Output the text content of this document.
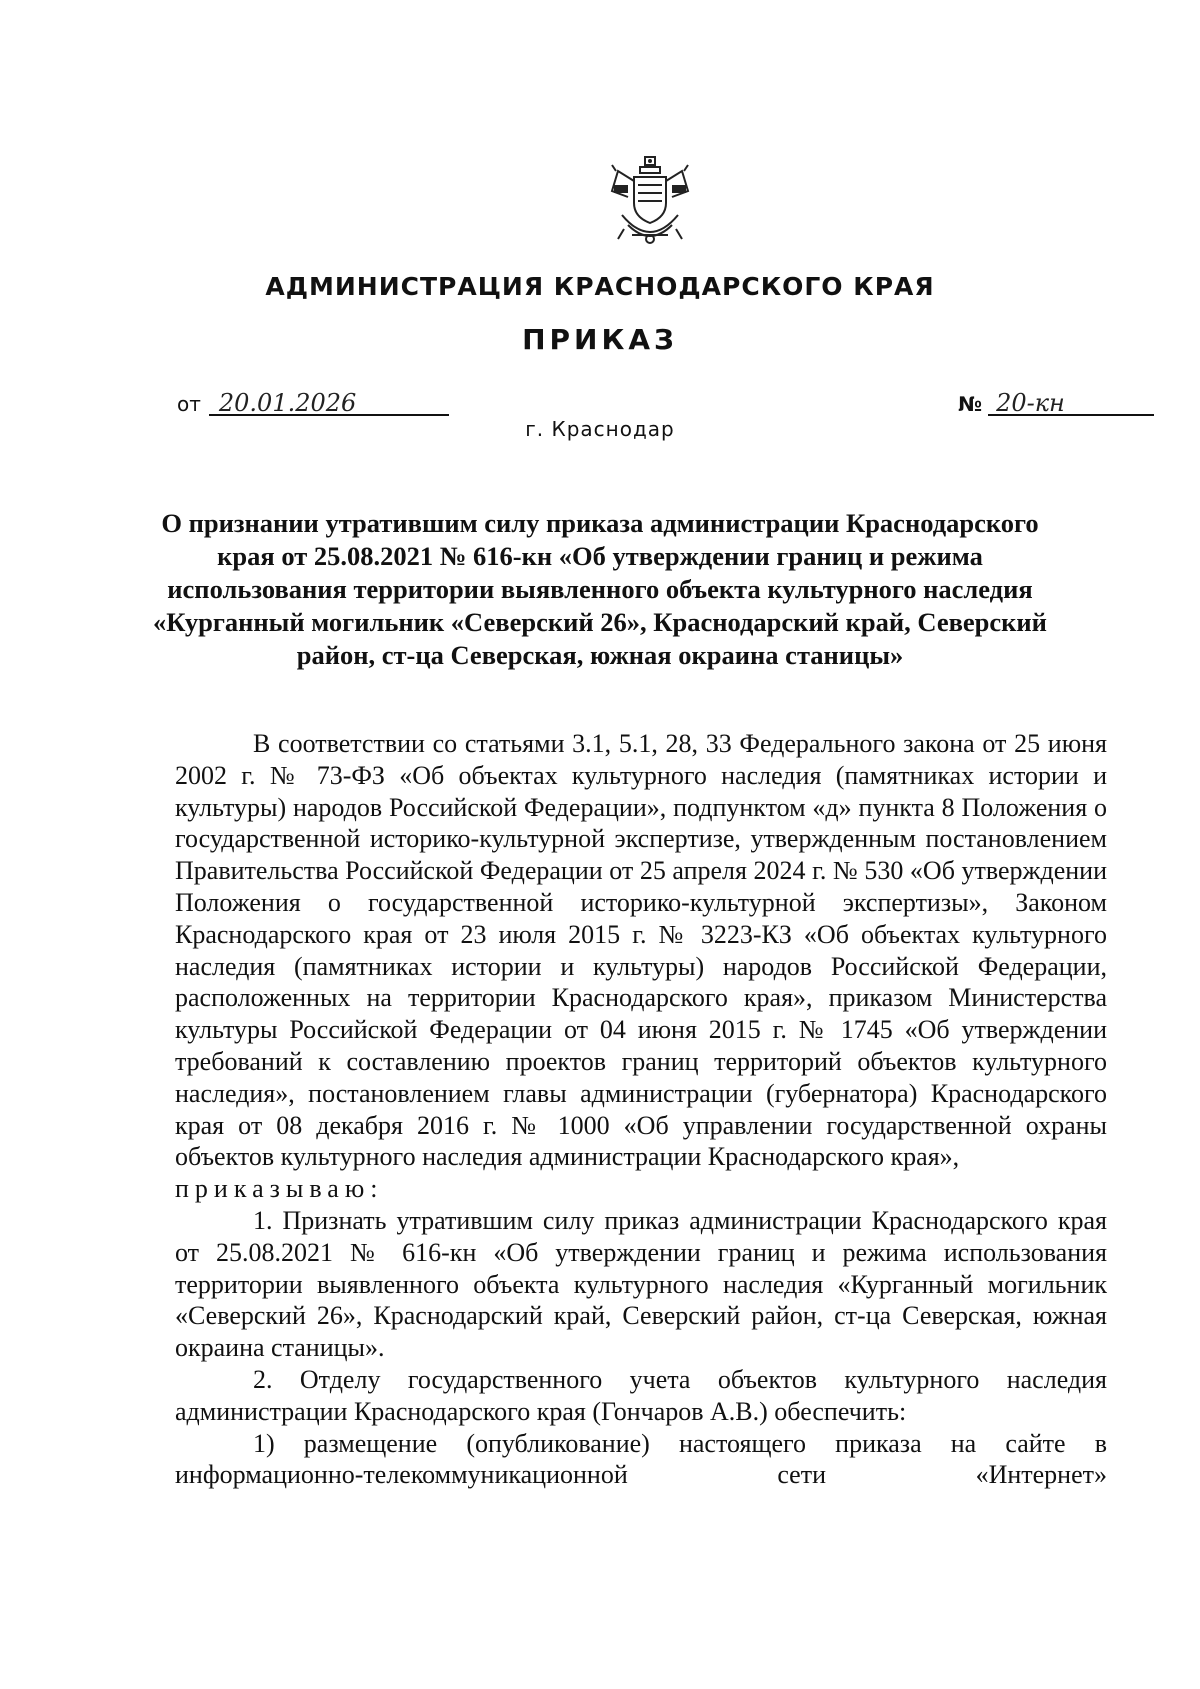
АДМИНИСТРАЦИЯ КРАСНОДАРСКОГО КРАЯ
ПРИКАЗ
от 20.01.2026	№ 20-кн
г. Краснодар
О признании утратившим силу приказа администрации Краснодарского края от 25.08.2021 № 616-кн «Об утверждении границ и режима использования территории выявленного объекта культурного наследия «Курганный могильник «Северский 26», Краснодарский край, Северский район, ст-ца Северская, южная окраина станицы»

В соответствии со статьями 3.1, 5.1, 28, 33 Федерального закона от 25 июня 2002 г. № 73-ФЗ «Об объектах культурного наследия (памятниках истории и культуры) народов Российской Федерации», подпунктом «д» пункта 8 Положения о государственной историко-культурной экспертизе, утвержденным постановлением Правительства Российской Федерации от 25 апреля 2024 г. № 530 «Об утверждении Положения о государственной историко-культурной экспертизы», Законом Краснодарского края от 23 июля 2015 г. № 3223-КЗ «Об объектах культурного наследия (памятниках истории и культуры) народов Российской Федерации, расположенных на территории Краснодарского края», приказом Министерства культуры Российской Федерации от 04 июня 2015 г. № 1745 «Об утверждении требований к составлению проектов границ территорий объектов культурного наследия», постановлением главы администрации (губернатора) Краснодарского края от 08 декабря 2016 г. № 1000 «Об управлении государственной охраны объектов культурного наследия администрации Краснодарского края»,

приказываю:

1. Признать утратившим силу приказ администрации Краснодарского края от 25.08.2021 № 616-кн «Об утверждении границ и режима использования территории выявленного объекта культурного наследия «Курганный могильник «Северский 26», Краснодарский край, Северский район, ст-ца Северская, южная окраина станицы».

2. Отделу государственного учета объектов культурного наследия администрации Краснодарского края (Гончаров А.В.) обеспечить:

1) размещение (опубликование) настоящего приказа на сайте в информационно-телекоммуникационной сети «Интернет»
